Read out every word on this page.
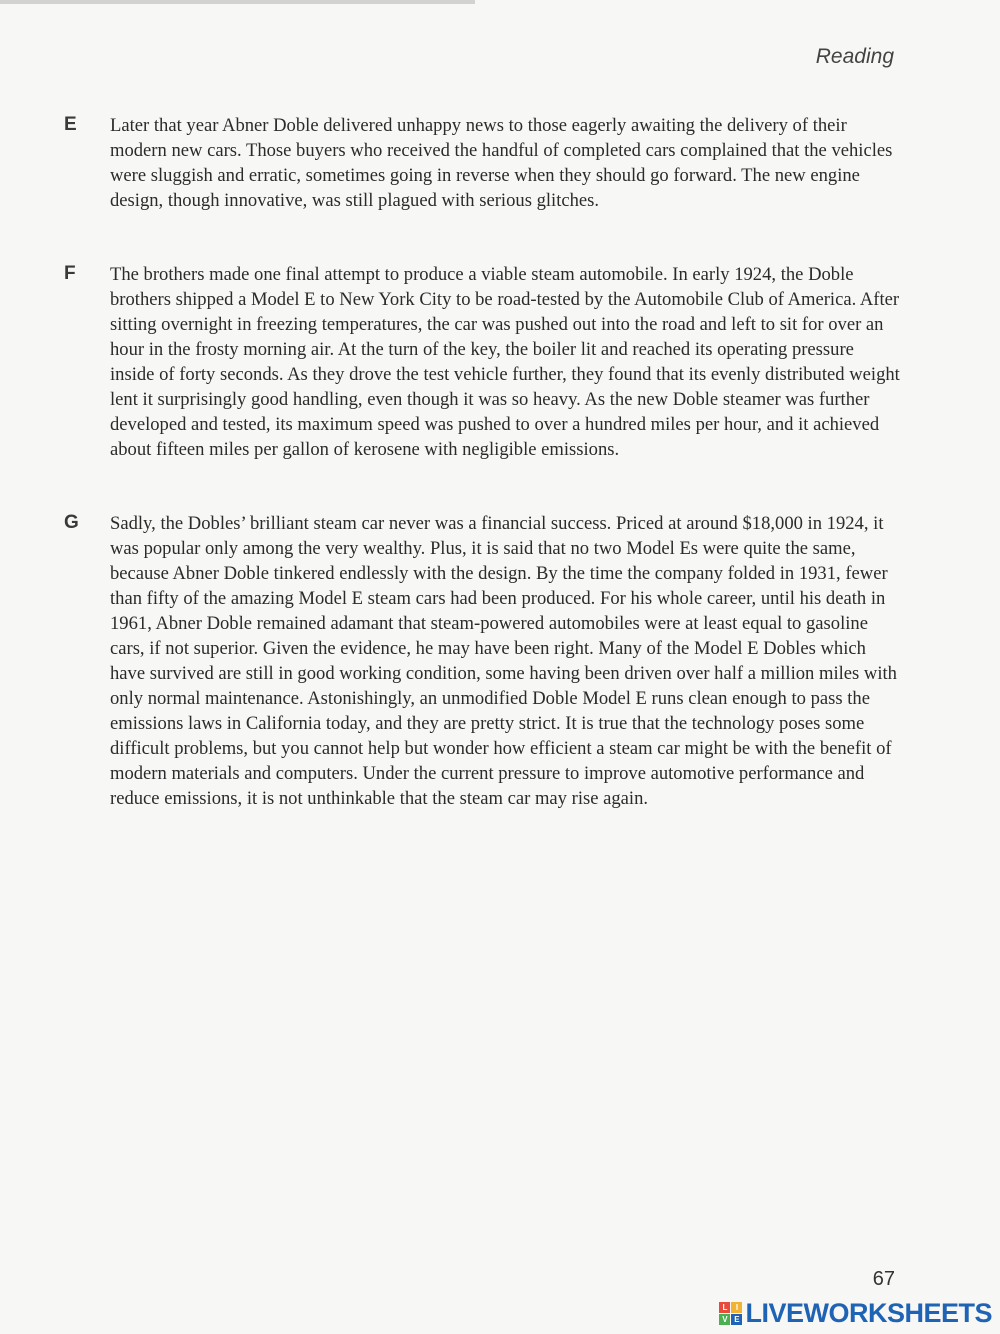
Reading
E Later that year Abner Doble delivered unhappy news to those eagerly awaiting the delivery of their modern new cars. Those buyers who received the handful of completed cars complained that the vehicles were sluggish and erratic, sometimes going in reverse when they should go forward. The new engine design, though innovative, was still plagued with serious glitches.
F The brothers made one final attempt to produce a viable steam automobile. In early 1924, the Doble brothers shipped a Model E to New York City to be road-tested by the Automobile Club of America. After sitting overnight in freezing temperatures, the car was pushed out into the road and left to sit for over an hour in the frosty morning air. At the turn of the key, the boiler lit and reached its operating pressure inside of forty seconds. As they drove the test vehicle further, they found that its evenly distributed weight lent it surprisingly good handling, even though it was so heavy. As the new Doble steamer was further developed and tested, its maximum speed was pushed to over a hundred miles per hour, and it achieved about fifteen miles per gallon of kerosene with negligible emissions.
G Sadly, the Dobles’ brilliant steam car never was a financial success. Priced at around $18,000 in 1924, it was popular only among the very wealthy. Plus, it is said that no two Model Es were quite the same, because Abner Doble tinkered endlessly with the design. By the time the company folded in 1931, fewer than fifty of the amazing Model E steam cars had been produced. For his whole career, until his death in 1961, Abner Doble remained adamant that steam-powered automobiles were at least equal to gasoline cars, if not superior. Given the evidence, he may have been right. Many of the Model E Dobles which have survived are still in good working condition, some having been driven over half a million miles with only normal maintenance. Astonishingly, an unmodified Doble Model E runs clean enough to pass the emissions laws in California today, and they are pretty strict. It is true that the technology poses some difficult problems, but you cannot help but wonder how efficient a steam car might be with the benefit of modern materials and computers. Under the current pressure to improve automotive performance and reduce emissions, it is not unthinkable that the steam car may rise again.
67
L	I
V E LIVEWORKSHEETS
